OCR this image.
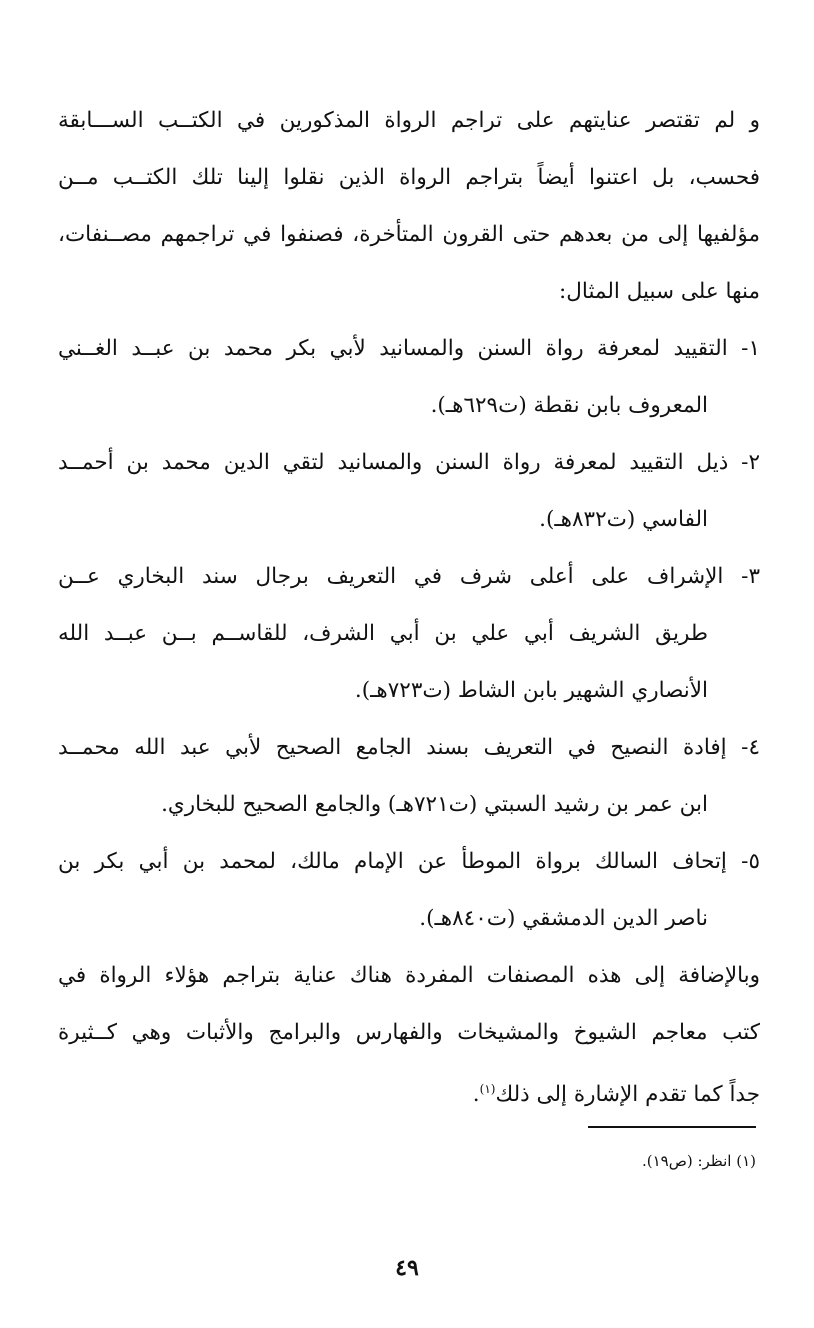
و لم تقتصر عنايتهم على تراجم الرواة المذكورين في الكتــب الســـابقة
فحسب، بل اعتنوا أيضاً بتراجم الرواة الذين نقلوا إلينا تلك الكتــب مــن
مؤلفيها إلى من بعدهم حتى القرون المتأخرة، فصنفوا في تراجمهم مصــنفات،
منها على سبيل المثال:
١- التقييد لمعرفة رواة السنن والمسانيد لأبي بكر محمد بن عبــد الغــني
المعروف بابن نقطة (ت٦٢٩هـ).
٢- ذيل التقييد لمعرفة رواة السنن والمسانيد لتقي الدين محمد بن أحمــد
الفاسي (ت٨٣٢هـ).
٣- الإشراف على أعلى شرف في التعريف برجال سند البخاري عــن
طريق الشريف أبي علي بن أبي الشرف، للقاســم بــن عبــد الله
الأنصاري الشهير بابن الشاط (ت٧٢٣هـ).
٤- إفادة النصيح في التعريف بسند الجامع الصحيح لأبي عبد الله محمــد
ابن عمر بن رشيد السبتي (ت٧٢١هـ) والجامع الصحيح للبخاري.
٥- إتحاف السالك برواة الموطأ عن الإمام مالك، لمحمد بن أبي بكر بن
ناصر الدين الدمشقي (ت٨٤٠هـ).
وبالإضافة إلى هذه المصنفات المفردة هناك عناية بتراجم هؤلاء الرواة في
كتب معاجم الشيوخ والمشيخات والفهارس والبرامج والأثبات وهي كــثيرة
جداً كما تقدم الإشارة إلى ذلك$^{(١)}$.
(١) انظر: (ص١٩).
٤٩
